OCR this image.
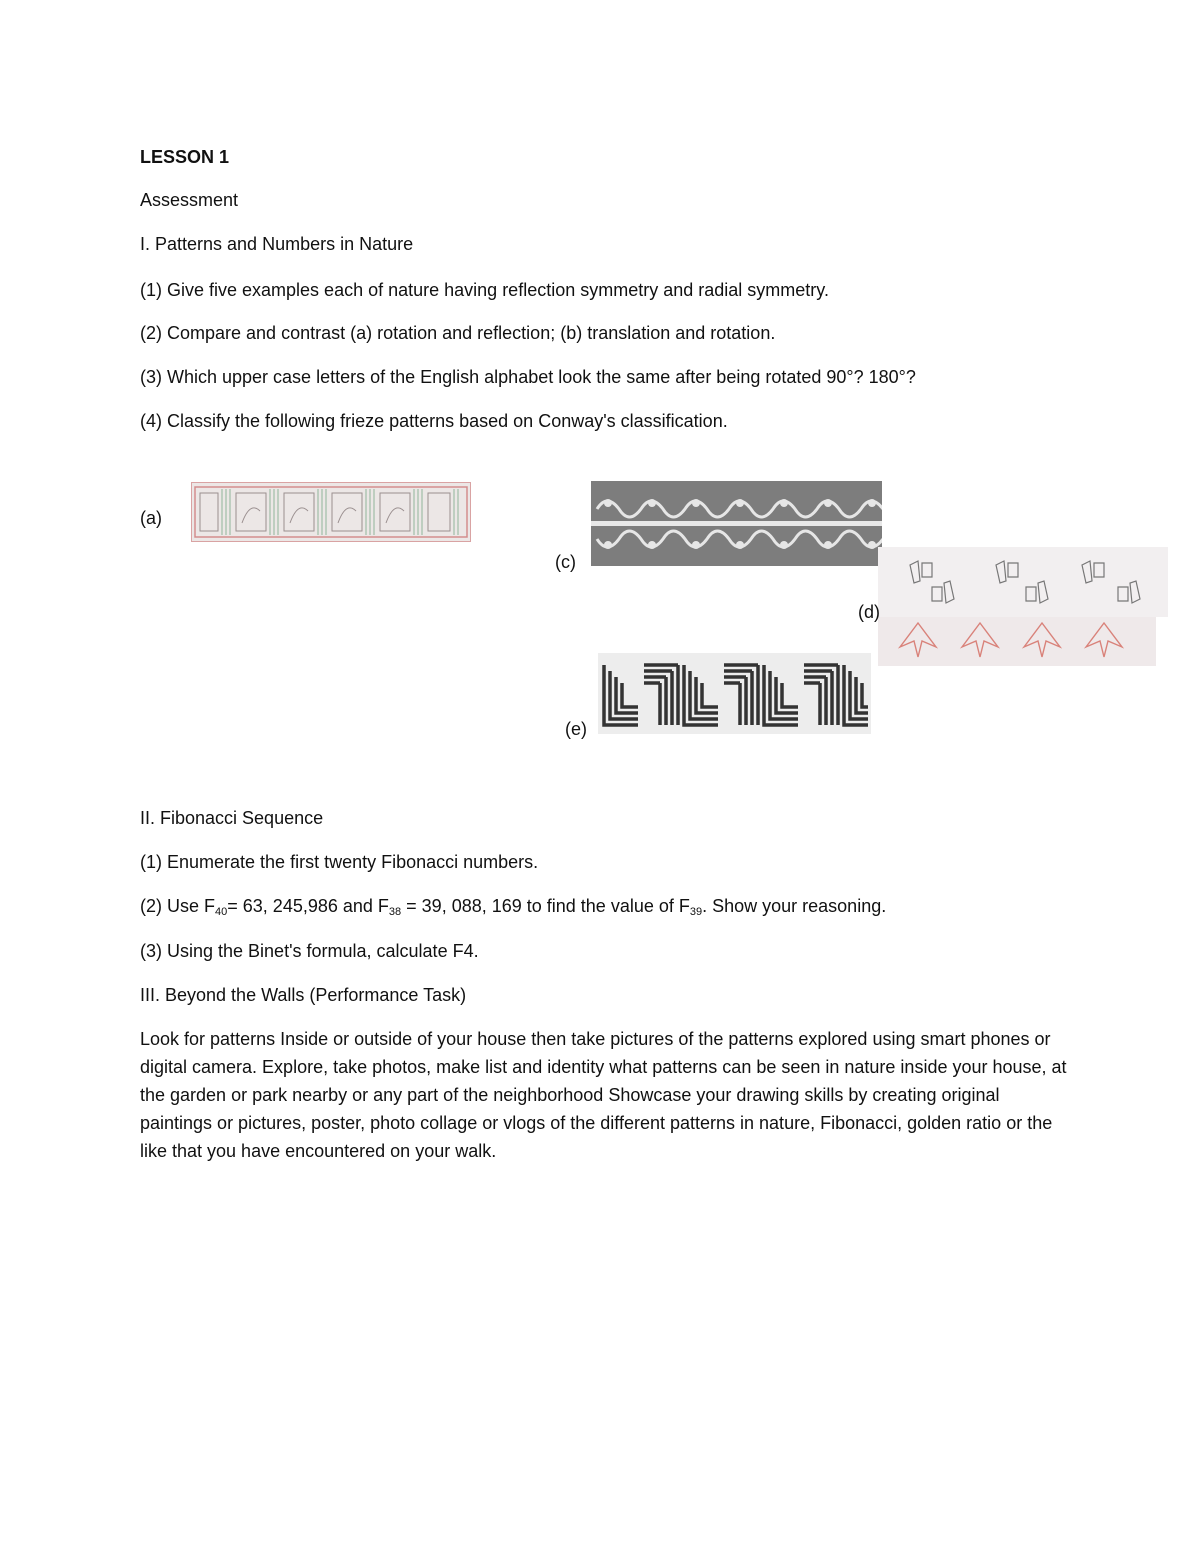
LESSON 1
Assessment
I. Patterns and Numbers in Nature
(1) Give five examples each of nature having reflection symmetry and radial symmetry.
(2) Compare and contrast (a) rotation and reflection; (b) translation and rotation.
(3) Which upper case letters of the English alphabet look the same after being rotated 90°? 180°?
(4) Classify the following frieze patterns based on Conway's classification.
(a)
(c)
(d)
(e)
II. Fibonacci Sequence
(1) Enumerate the first twenty Fibonacci numbers.
(2) Use $F_{40}= 63$, 245,986 and $F_{38} = 39$, 088, 169 to find the value of $F_{39}$. Show your reasoning.
(3) Using the Binet's formula, calculate F4.
III. Beyond the Walls (Performance Task)
Look for patterns Inside or outside of your house then take pictures of the patterns explored using smart phones or digital camera. Explore, take photos, make list and identity what patterns can be seen in nature inside your house, at the garden or park nearby or any part of the neighborhood Showcase your drawing skills by creating original paintings or pictures, poster, photo collage or vlogs of the different patterns in nature, Fibonacci, golden ratio or the like that you have encountered on your walk.
